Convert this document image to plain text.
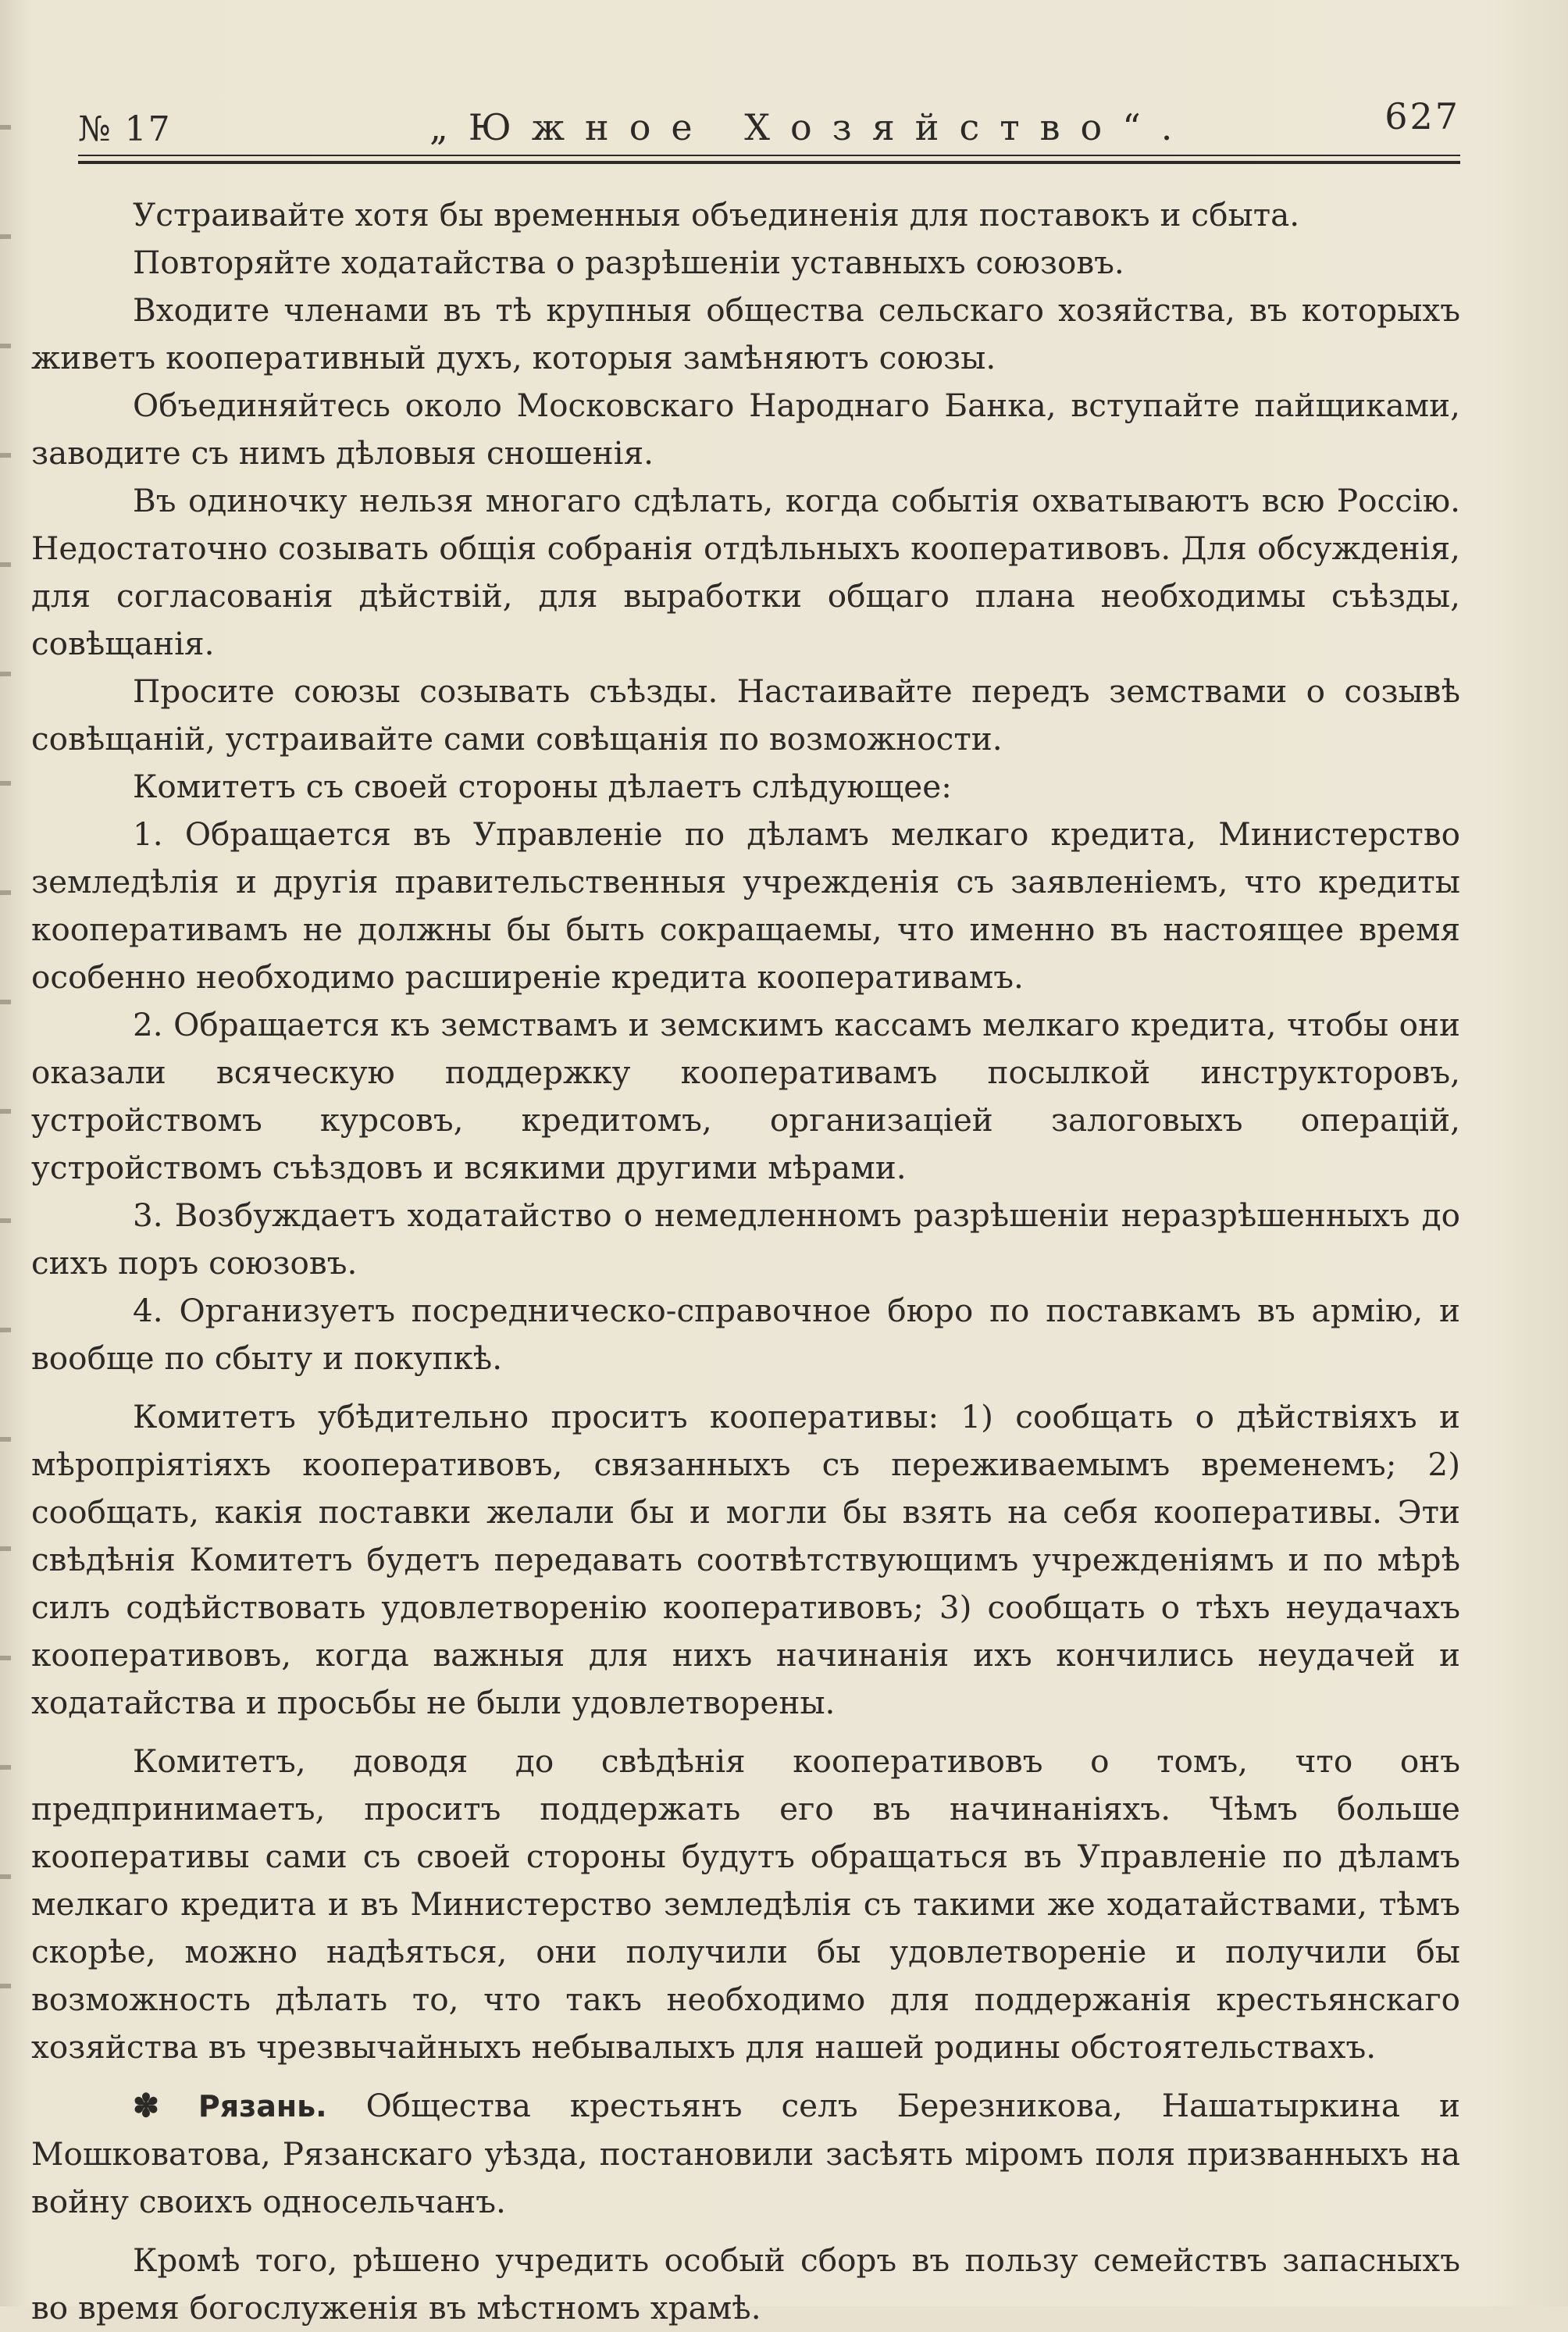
№ 17	„Южное Хозяйство“.	627

Устраивайте хотя бы временныя объединенія для поставокъ и сбыта.

Повторяйте ходатайства о разрѣшеніи уставныхъ союзовъ.

Входите членами въ тѣ крупныя общества сельскаго хозяйства, въ которыхъ живетъ кооперативный духъ, которыя замѣняютъ союзы.

Объединяйтесь около Московскаго Народнаго Банка, вступайте пайщиками, заводите съ нимъ дѣловыя сношенія.

Въ одиночку нельзя многаго сдѣлать, когда событія охватываютъ всю Россію. Недостаточно созывать общія собранія отдѣльныхъ кооперативовъ. Для обсужденія, для согласованія дѣйствій, для выработки общаго плана необходимы съѣзды, совѣщанія.

Просите союзы созывать съѣзды. Настаивайте передъ земствами о созывѣ совѣщаній, устраивайте сами совѣщанія по возможности.

Комитетъ съ своей стороны дѣлаетъ слѣдующее:

1. Обращается въ Управленіе по дѣламъ мелкаго кредита, Министерство земледѣлія и другія правительственныя учрежденія съ заявленіемъ, что кредиты кооперативамъ не должны бы быть сокращаемы, что именно въ настоящее время особенно необходимо расширеніе кредита кооперативамъ.

2. Обращается къ земствамъ и земскимъ кассамъ мелкаго кредита, чтобы они оказали всяческую поддержку кооперативамъ посылкой инструкторовъ, устройствомъ курсовъ, кредитомъ, организаціей залоговыхъ операцій, устройствомъ съѣздовъ и всякими другими мѣрами.

3. Возбуждаетъ ходатайство о немедленномъ разрѣшеніи неразрѣшенныхъ до сихъ поръ союзовъ.

4. Организуетъ посредническо-справочное бюро по поставкамъ въ армію, и вообще по сбыту и покупкѣ.

Комитетъ убѣдительно проситъ кооперативы: 1) сообщать о дѣйствіяхъ и мѣропріятіяхъ кооперативовъ, связанныхъ съ переживаемымъ временемъ; 2) сообщать, какія поставки желали бы и могли бы взять на себя кооперативы. Эти свѣдѣнія Комитетъ будетъ передавать соотвѣтствующимъ учрежденіямъ и по мѣрѣ силъ содѣйствовать удовлетворенію кооперативовъ; 3) сообщать о тѣхъ неудачахъ кооперативовъ, когда важныя для нихъ начинанія ихъ кончились неудачей и ходатайства и просьбы не были удовлетворены.

Комитетъ, доводя до свѣдѣнія кооперативовъ о томъ, что онъ предпринимаетъ, проситъ поддержать его въ начинаніяхъ. Чѣмъ больше кооперативы сами съ своей стороны будутъ обращаться въ Управленіе по дѣламъ мелкаго кредита и въ Министерство земледѣлія съ такими же ходатайствами, тѣмъ скорѣе, можно надѣяться, они получили бы удовлетвореніе и получили бы возможность дѣлать то, что такъ необходимо для поддержанія крестьянскаго хозяйства въ чрезвычайныхъ небывалыхъ для нашей родины обстоятельствахъ.

✽ Рязань. Общества крестьянъ селъ Березникова, Нашатыркина и Мошковатова, Рязанскаго уѣзда, постановили засѣять міромъ поля призванныхъ на войну своихъ односельчанъ.

Кромѣ того, рѣшено учредить особый сборъ въ пользу семействъ запасныхъ во время богослуженія въ мѣстномъ храмѣ.
